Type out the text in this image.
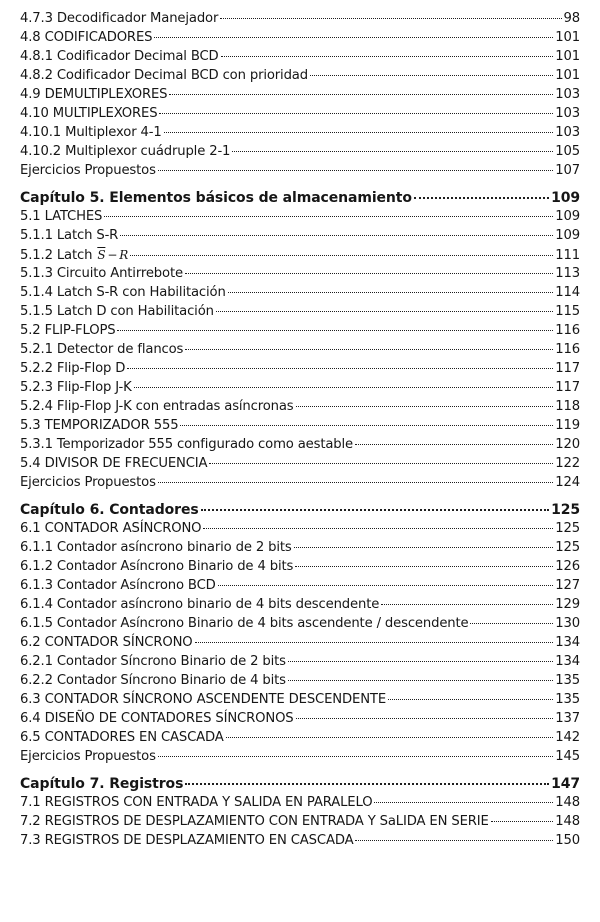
4.7.3 Decodificador Manejador	98
4.8 CODIFICADORES	101
4.8.1 Codificador Decimal BCD	101
4.8.2 Codificador Decimal BCD con prioridad	101
4.9 DEMULTIPLEXORES	103
4.10 MULTIPLEXORES	103
4.10.1 Multiplexor 4-1	103
4.10.2 Multiplexor cuádruple 2-1	105
Ejercicios Propuestos	107
Capítulo 5. Elementos básicos de almacenamiento	109
5.1 LATCHES	109
5.1.1 Latch S-R	109
5.1.2 Latch $\overline{S} - R$	111
5.1.3 Circuito Antirrebote	113
5.1.4 Latch S-R con Habilitación	114
5.1.5 Latch D con Habilitación	115
5.2 FLIP-FLOPS	116
5.2.1 Detector de flancos	116
5.2.2 Flip-Flop D	117
5.2.3 Flip-Flop J-K	117
5.2.4 Flip-Flop J-K con entradas asíncronas	118
5.3 TEMPORIZADOR 555	119
5.3.1 Temporizador 555 configurado como aestable	120
5.4 DIVISOR DE FRECUENCIA	122
Ejercicios Propuestos	124
Capítulo 6. Contadores	125
6.1 CONTADOR ASÍNCRONO	125
6.1.1 Contador asíncrono binario de 2 bits	125
6.1.2 Contador Asíncrono Binario de 4 bits	126
6.1.3 Contador Asíncrono BCD	127
6.1.4 Contador asíncrono binario de 4 bits descendente	129
6.1.5 Contador Asíncrono Binario de 4 bits ascendente / descendente	130
6.2 CONTADOR SÍNCRONO	134
6.2.1 Contador Síncrono Binario de 2 bits	134
6.2.2 Contador Síncrono Binario de 4 bits	135
6.3 CONTADOR SÍNCRONO ASCENDENTE DESCENDENTE	135
6.4 DISEÑO DE CONTADORES SÍNCRONOS	137
6.5 CONTADORES EN CASCADA	142
Ejercicios Propuestos	145
Capítulo 7. Registros	147
7.1 REGISTROS CON ENTRADA Y SALIDA EN PARALELO	148
7.2 REGISTROS DE DESPLAZAMIENTO CON ENTRADA Y SaLIDA EN SERIE	148
7.3 REGISTROS DE DESPLAZAMIENTO EN CASCADA	150
